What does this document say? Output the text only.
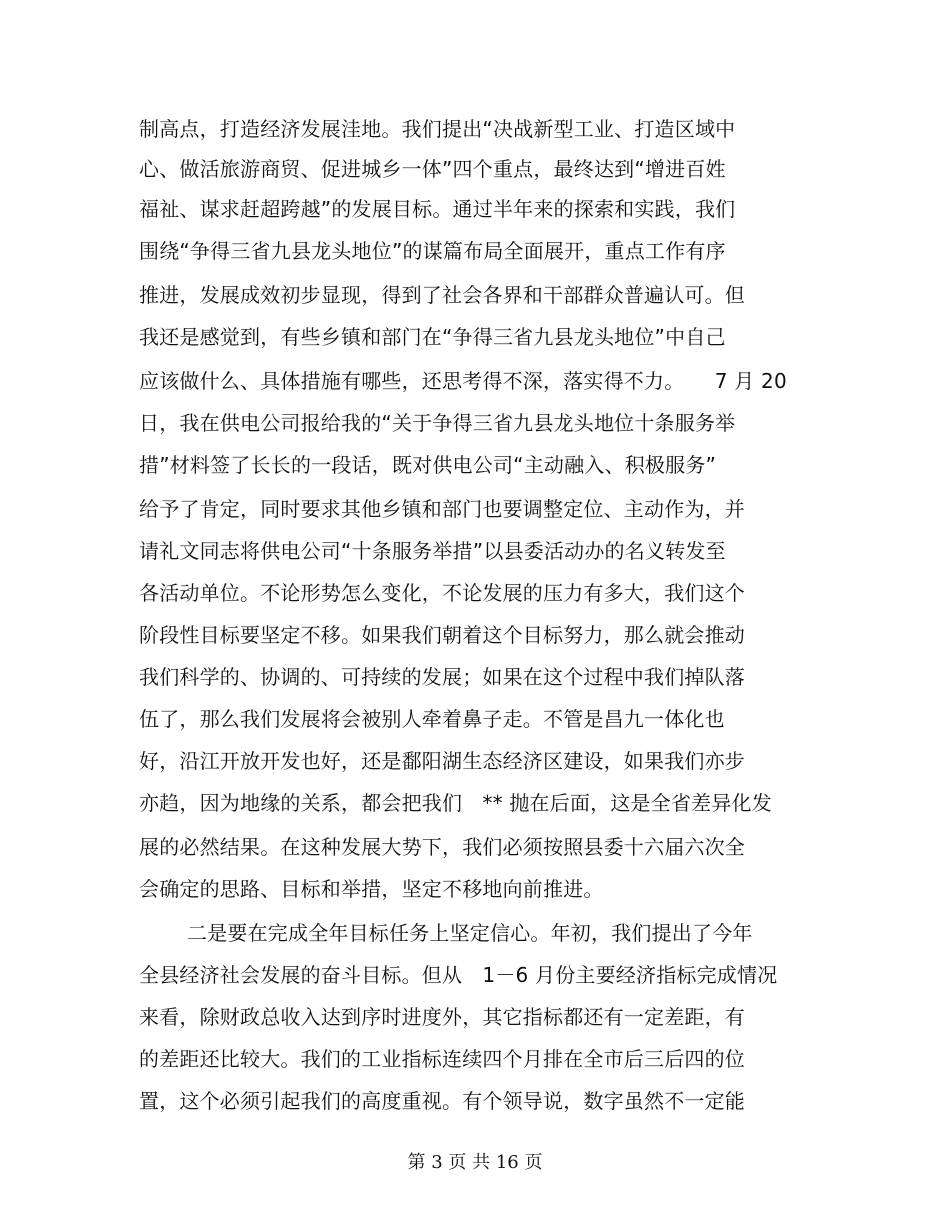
制高点，打造经济发展洼地。我们提出“决战新型工业、打造区域中
心、做活旅游商贸、促进城乡一体”四个重点，最终达到“增进百姓
福祉、谋求赶超跨越”的发展目标。通过半年来的探索和实践，我们
围绕“争得三省九县龙头地位”的谋篇布局全面展开，重点工作有序
推进，发展成效初步显现，得到了社会各界和干部群众普遍认可。但
我还是感觉到，有些乡镇和部门在“争得三省九县龙头地位”中自己
应该做什么、具体措施有哪些，还思考得不深，落实得不力。　　7 月 20
日，我在供电公司报给我的“关于争得三省九县龙头地位十条服务举
措”材料签了长长的一段话，既对供电公司“主动融入、积极服务”
给予了肯定，同时要求其他乡镇和部门也要调整定位、主动作为，并
请礼文同志将供电公司“十条服务举措”以县委活动办的名义转发至
各活动单位。不论形势怎么变化，不论发展的压力有多大，我们这个
阶段性目标要坚定不移。如果我们朝着这个目标努力，那么就会推动
我们科学的、协调的、可持续的发展；如果在这个过程中我们掉队落
伍了，那么我们发展将会被别人牵着鼻子走。不管是昌九一体化也
好，沿江开放开发也好，还是鄱阳湖生态经济区建设，如果我们亦步
亦趋，因为地缘的关系，都会把我们　** 抛在后面，这是全省差异化发
展的必然结果。在这种发展大势下，我们必须按照县委十六届六次全
会确定的思路、目标和举措，坚定不移地向前推进。
二是要在完成全年目标任务上坚定信心。年初，我们提出了今年
全县经济社会发展的奋斗目标。但从　1－6 月份主要经济指标完成情况
来看，除财政总收入达到序时进度外，其它指标都还有一定差距，有
的差距还比较大。我们的工业指标连续四个月排在全市后三后四的位
置，这个必须引起我们的高度重视。有个领导说，数字虽然不一定能
第 3 页 共 16 页
